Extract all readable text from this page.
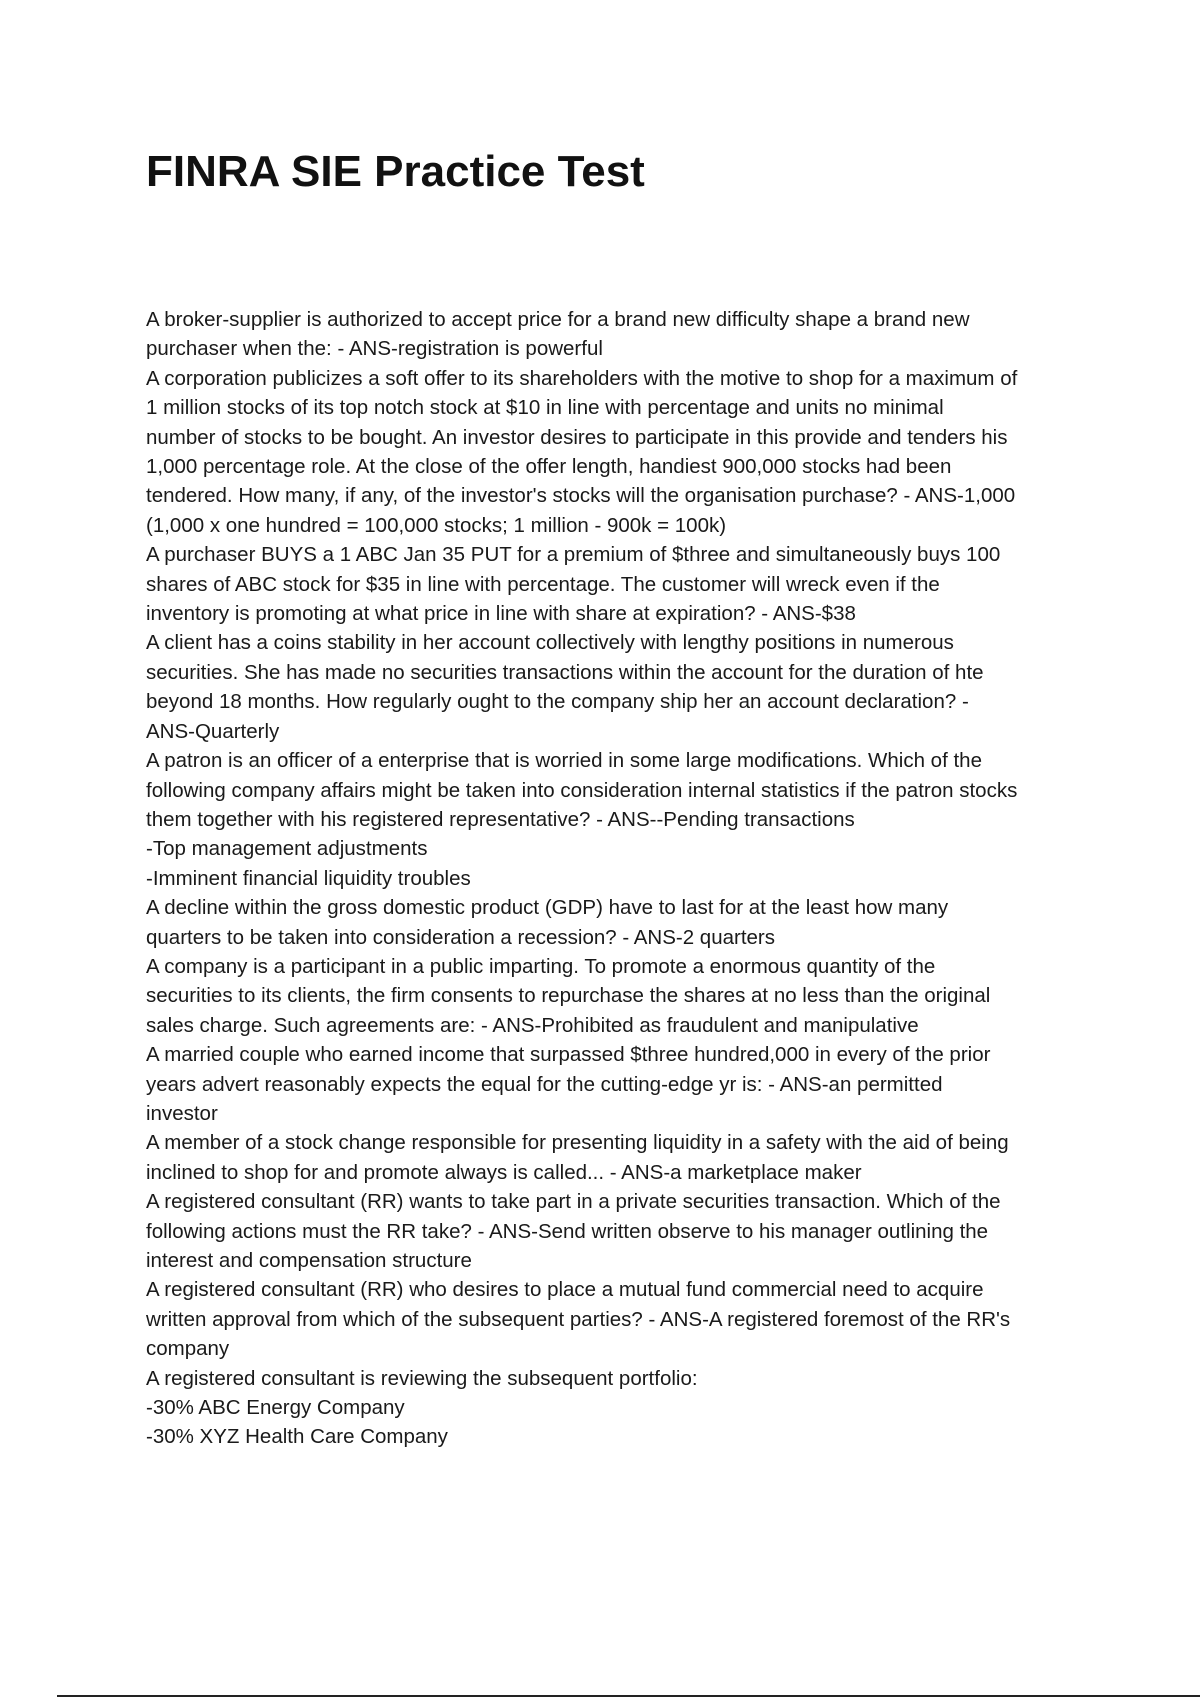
FINRA SIE Practice Test
A broker-supplier is authorized to accept price for a brand new difficulty shape a brand new
purchaser when the: - ANS-registration is powerful
A corporation publicizes a soft offer to its shareholders with the motive to shop for a maximum of
1 million stocks of its top notch stock at $10 in line with percentage and units no minimal
number of stocks to be bought. An investor desires to participate in this provide and tenders his
1,000 percentage role. At the close of the offer length, handiest 900,000 stocks had been
tendered. How many, if any, of the investor's stocks will the organisation purchase? - ANS-1,000
(1,000 x one hundred = 100,000 stocks; 1 million - 900k = 100k)
A purchaser BUYS a 1 ABC Jan 35 PUT for a premium of $three and simultaneously buys 100
shares of ABC stock for $35 in line with percentage. The customer will wreck even if the
inventory is promoting at what price in line with share at expiration? - ANS-$38
A client has a coins stability in her account collectively with lengthy positions in numerous
securities. She has made no securities transactions within the account for the duration of hte
beyond 18 months. How regularly ought to the company ship her an account declaration? -
ANS-Quarterly
A patron is an officer of a enterprise that is worried in some large modifications. Which of the
following company affairs might be taken into consideration internal statistics if the patron stocks
them together with his registered representative? - ANS--Pending transactions
-Top management adjustments
-Imminent financial liquidity troubles
A decline within the gross domestic product (GDP) have to last for at the least how many
quarters to be taken into consideration a recession? - ANS-2 quarters
A company is a participant in a public imparting. To promote a enormous quantity of the
securities to its clients, the firm consents to repurchase the shares at no less than the original
sales charge. Such agreements are: - ANS-Prohibited as fraudulent and manipulative
A married couple who earned income that surpassed $three hundred,000 in every of the prior
years advert reasonably expects the equal for the cutting-edge yr is: - ANS-an permitted
investor
A member of a stock change responsible for presenting liquidity in a safety with the aid of being
inclined to shop for and promote always is called... - ANS-a marketplace maker
A registered consultant (RR) wants to take part in a private securities transaction. Which of the
following actions must the RR take? - ANS-Send written observe to his manager outlining the
interest and compensation structure
A registered consultant (RR) who desires to place a mutual fund commercial need to acquire
written approval from which of the subsequent parties? - ANS-A registered foremost of the RR's
company
A registered consultant is reviewing the subsequent portfolio:
-30% ABC Energy Company
-30% XYZ Health Care Company
